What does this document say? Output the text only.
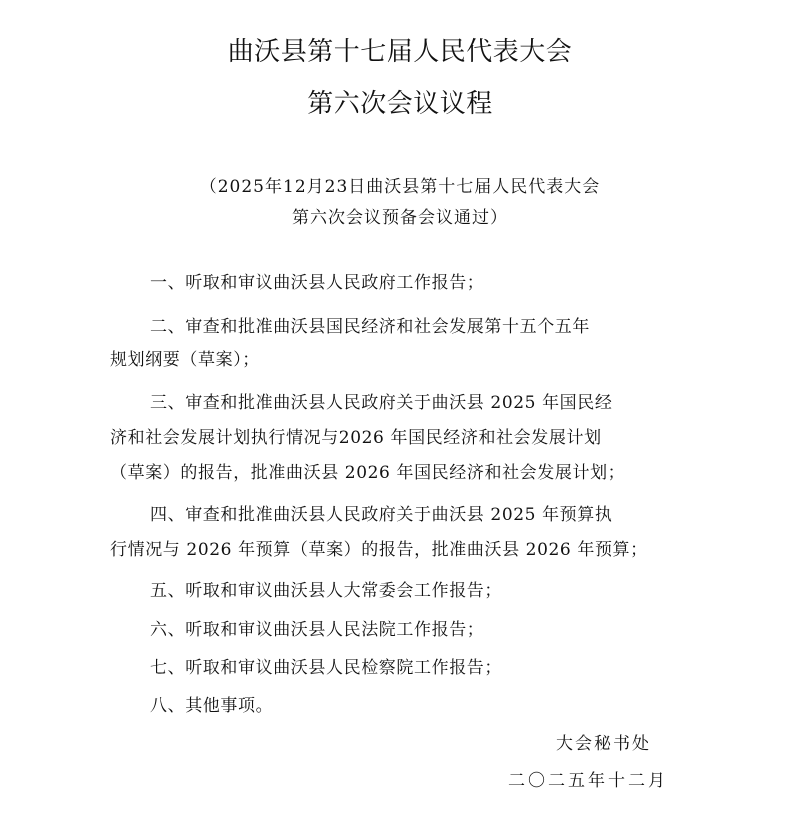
曲沃县第十七届人民代表大会
第六次会议议程
（2025年12月23日曲沃县第十七届人民代表大会
第六次会议预备会议通过）
一、听取和审议曲沃县人民政府工作报告；
二、审查和批准曲沃县国民经济和社会发展第十五个五年
规划纲要（草案）；
三、审查和批准曲沃县人民政府关于曲沃县 2025 年国民经
济和社会发展计划执行情况与2026 年国民经济和社会发展计划
（草案）的报告，批准曲沃县 2026 年国民经济和社会发展计划；
四、审查和批准曲沃县人民政府关于曲沃县 2025 年预算执
行情况与 2026 年预算（草案）的报告，批准曲沃县 2026 年预算；
五、听取和审议曲沃县人大常委会工作报告；
六、听取和审议曲沃县人民法院工作报告；
七、听取和审议曲沃县人民检察院工作报告；
八、其他事项。
大会秘书处
二〇二五年十二月
